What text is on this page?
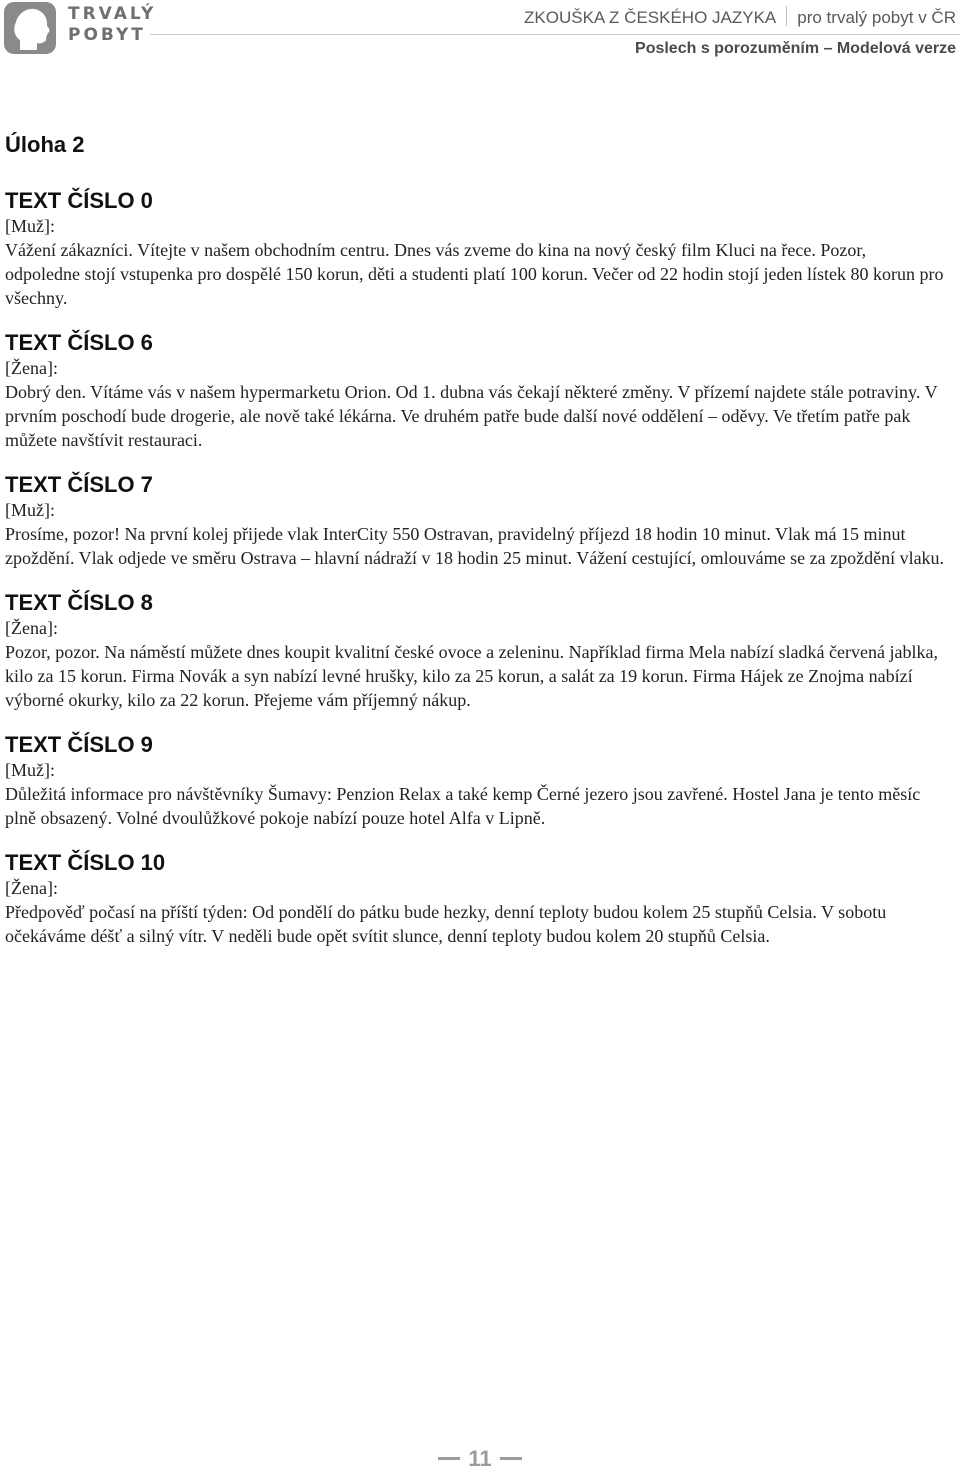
TRVALÝ
POBYT
ZKOUŠKA Z ČESKÉHO JAZYKA pro trvalý pobyt v ČR
Poslech s porozuměním – Modelová verze
Úloha 2
TEXT ČÍSLO 0
[Muž]:

Vážení zákazníci. Vítejte v našem obchodním centru. Dnes vás zveme do kina na nový český film Kluci na řece. Pozor, odpoledne stojí vstupenka pro dospělé 150 korun, děti a studenti platí 100 korun. Večer od 22 hodin stojí jeden lístek 80 korun pro všechny.

TEXT ČÍSLO 6
[Žena]:

Dobrý den. Vítáme vás v našem hypermarketu Orion. Od 1. dubna vás čekají některé změny. V přízemí najdete stále potraviny. V prvním poschodí bude drogerie, ale nově také lékárna. Ve druhém patře bude další nové oddělení – oděvy. Ve třetím patře pak můžete navštívit restauraci.

TEXT ČÍSLO 7
[Muž]:

Prosíme, pozor! Na první kolej přijede vlak InterCity 550 Ostravan, pravidelný příjezd 18 hodin 10 minut. Vlak má 15 minut zpoždění. Vlak odjede ve směru Ostrava – hlavní nádraží v 18 hodin 25 minut. Vážení cestující, omlouváme se za zpoždění vlaku.

TEXT ČÍSLO 8
[Žena]:

Pozor, pozor. Na náměstí můžete dnes koupit kvalitní české ovoce a zeleninu. Například firma Mela nabízí sladká červená jablka, kilo za 15 korun. Firma Novák a syn nabízí levné hrušky, kilo za 25 korun, a salát za 19 korun. Firma Hájek ze Znojma nabízí výborné okurky, kilo za 22 korun. Přejeme vám příjemný nákup.

TEXT ČÍSLO 9
[Muž]:

Důležitá informace pro návštěvníky Šumavy: Penzion Relax a také kemp Černé jezero jsou zavřené. Hostel Jana je tento měsíc plně obsazený. Volné dvoulůžkové pokoje nabízí pouze hotel Alfa v Lipně.

TEXT ČÍSLO 10
[Žena]:

Předpověď počasí na příští týden: Od pondělí do pátku bude hezky, denní teploty budou kolem 25 stupňů Celsia. V sobotu očekáváme déšť a silný vítr. V neděli bude opět svítit slunce, denní teploty budou kolem 20 stupňů Celsia.

11
